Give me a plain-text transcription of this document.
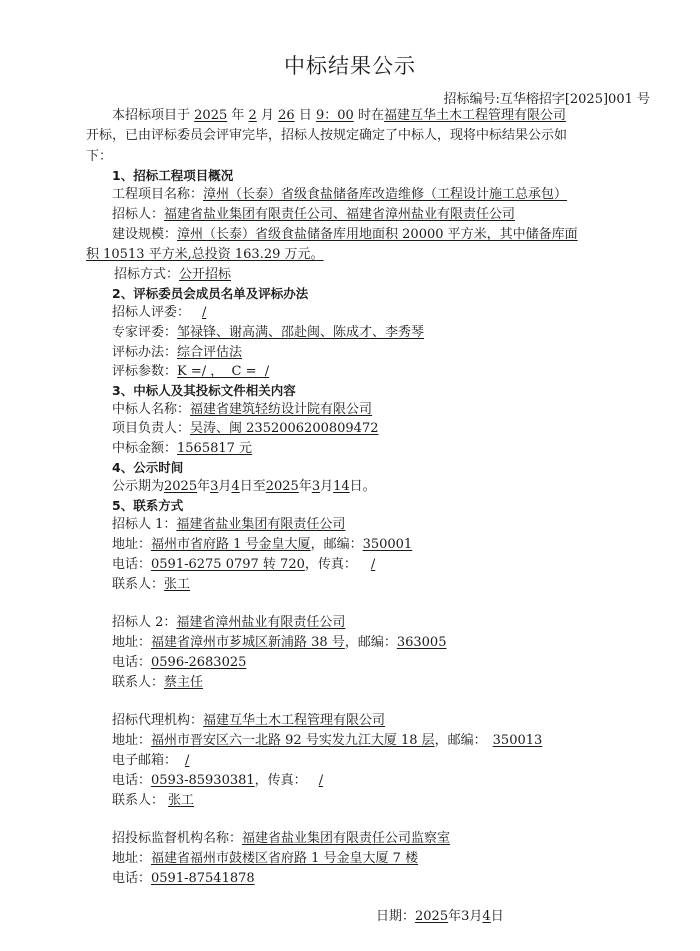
中标结果公示
招标编号:互华榕招字[2025]001 号
本招标项目于 2025 年 2 月 26 日 9：00 时在福建互华土木工程管理有限公司
开标，已由评标委员会评审完毕，招标人按规定确定了中标人，现将中标结果公示如
下：
1、招标工程项目概况
工程项目名称：漳州（长泰）省级食盐储备库改造维修（工程设计施工总承包）
招标人：福建省盐业集团有限责任公司、福建省漳州盐业有限责任公司
建设规模：漳州（长泰）省级食盐储备库用地面积 20000 平方米，其中储备库面
积 10513 平方米,总投资 163.29 万元。
招标方式：公开招标
2、评标委员会成员名单及评标办法
招标人评委： /
专家评委：邹禄锋、谢高满、邵赴闽、陈成才、李秀琴
评标办法：综合评估法
评标参数：K =/ ，  C =  /
3、中标人及其投标文件相关内容
中标人名称：福建省建筑轻纺设计院有限公司
项目负责人：吴涛、闽 2352006200809472
中标金额：1565817 元
4、公示时间
公示期为2025年3月4日至2025年3月14日。
5、联系方式
招标人 1：福建省盐业集团有限责任公司
地址：福州市省府路 1 号金皇大厦，邮编：350001
电话：0591-6275 0797 转 720，传真： /
联系人：张工
招标人 2：福建省漳州盐业有限责任公司
地址：福建省漳州市芗城区新浦路 38 号，邮编：363005
电话：0596-2683025
联系人：蔡主任
招标代理机构：福建互华土木工程管理有限公司
地址：福州市晋安区六一北路 92 号实发九江大厦 18 层，邮编： 350013
电子邮箱： /
电话：0593-85930381，传真： /
联系人： 张工
招投标监督机构名称：福建省盐业集团有限责任公司监察室
地址：福建省福州市鼓楼区省府路 1 号金皇大厦 7 楼
电话：0591-87541878
日期：2025年3月4日
